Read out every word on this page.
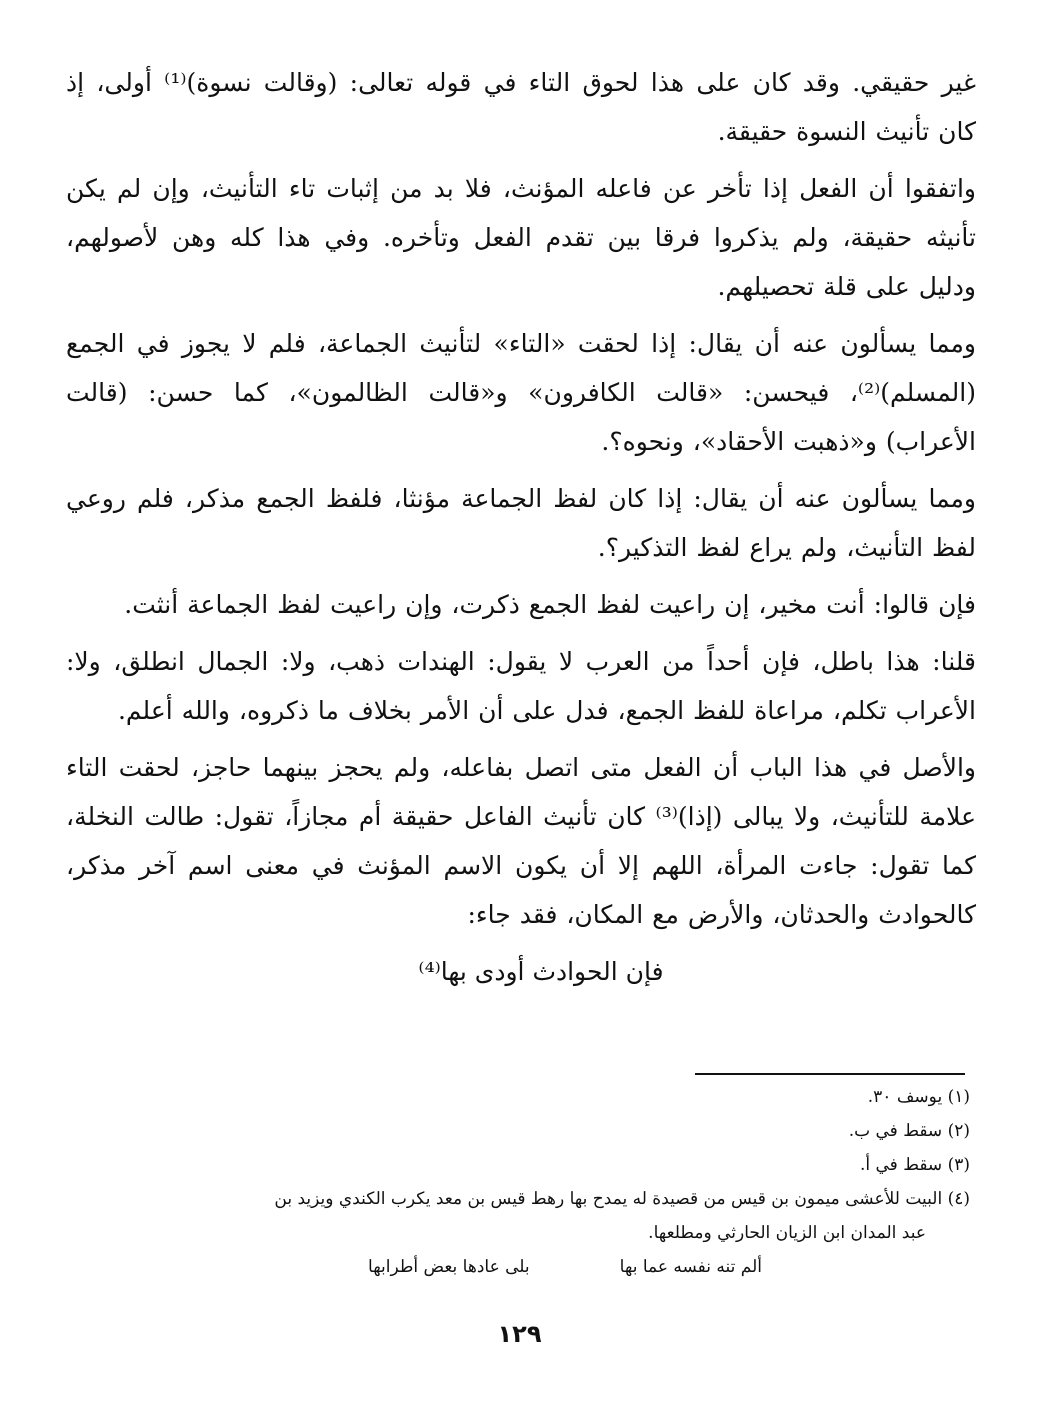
غير حقيقي. وقد كان على هذا لحوق التاء في قوله تعالى: (وقالت نسوة)⁽¹⁾ أولى، إذ كان تأنيث النسوة حقيقة.

واتفقوا أن الفعل إذا تأخر عن فاعله المؤنث، فلا بد من إثبات تاء التأنيث، وإن لم يكن تأنيثه حقيقة، ولم يذكروا فرقا بين تقدم الفعل وتأخره. وفي هذا كله وهن لأصولهم، ودليل على قلة تحصيلهم.

ومما يسألون عنه أن يقال: إذا لحقت «التاء» لتأنيث الجماعة، فلم لا يجوز في الجمع (المسلم)⁽²⁾، فيحسن: «قالت الكافرون» و«قالت الظالمون»، كما حسن: (قالت الأعراب) و«ذهبت الأحقاد»، ونحوه؟.

ومما يسألون عنه أن يقال: إذا كان لفظ الجماعة مؤنثا، فلفظ الجمع مذكر، فلم روعي لفظ التأنيث، ولم يراع لفظ التذكير؟.

فإن قالوا: أنت مخير، إن راعيت لفظ الجمع ذكرت، وإن راعيت لفظ الجماعة أنثت.

قلنا: هذا باطل، فإن أحداً من العرب لا يقول: الهندات ذهب، ولا: الجمال انطلق، ولا: الأعراب تكلم، مراعاة للفظ الجمع، فدل على أن الأمر بخلاف ما ذكروه، والله أعلم.

والأصل في هذا الباب أن الفعل متى اتصل بفاعله، ولم يحجز بينهما حاجز، لحقت التاء علامة للتأنيث، ولا يبالى (إذا)⁽³⁾ كان تأنيث الفاعل حقيقة أم مجازاً، تقول: طالت النخلة، كما تقول: جاءت المرأة، اللهم إلا أن يكون الاسم المؤنث في معنى اسم آخر مذكر، كالحوادث والحدثان، والأرض مع المكان، فقد جاء:

فإن الحوادث أودى بها⁽⁴⁾

(١) يوسف ٣٠.

(٢) سقط في ب.

(٣) سقط في أ.

(٤) البيت للأعشى ميمون بن قيس من قصيدة له يمدح بها رهط قيس بن معد يكرب الكندي ويزيد بن

عبد المدان ابن الزيان الحارثي ومطلعها.

ألم تنه نفسه عما بها
بلى عادها بعض أطرابها
١٢٩
